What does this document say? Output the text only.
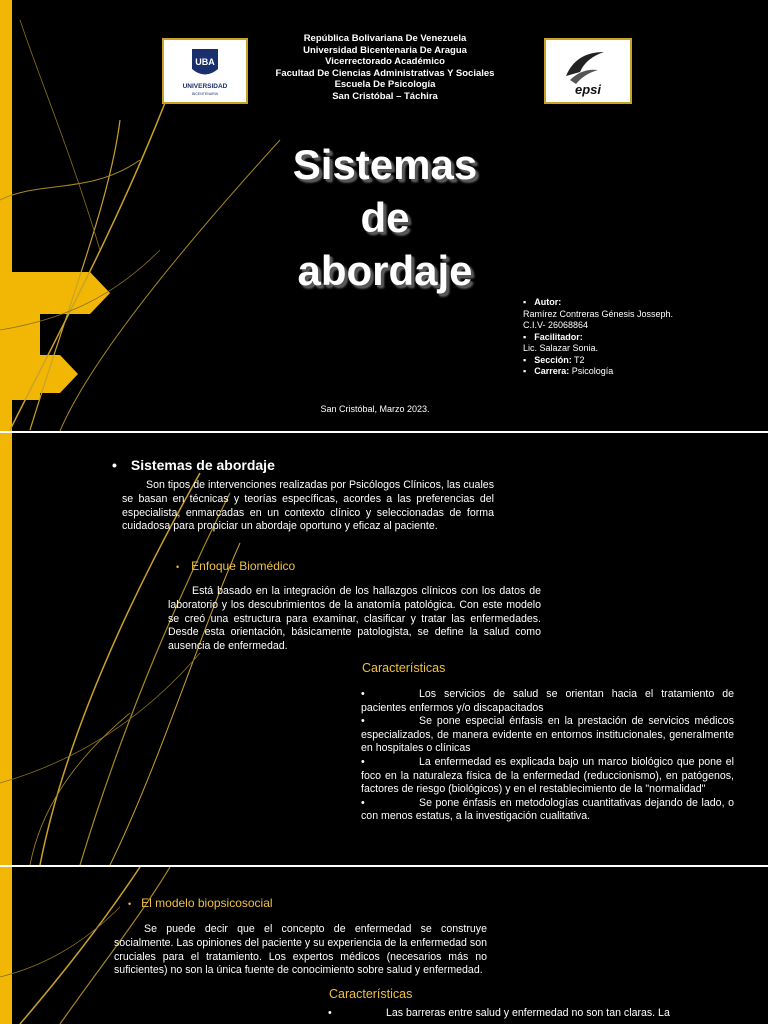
UBA
UNIVERSIDAD
BICENTENARIA	epsi
República Bolivariana De Venezuela
Universidad Bicentenaria De Aragua
Vicerrectorado Académico
Facultad De Ciencias Administrativas Y Sociales
Escuela De Psicología
San Cristóbal – Táchira
Sistemas
de
abordaje
▪ Autor:
Ramírez Contreras Génesis Josseph.
C.I.V- 26068864
▪ Facilitador:
Lic. Salazar Sonia.
▪ Sección: T2
▪ Carrera: Psicología
San Cristóbal, Marzo 2023.
• Sistemas de abordaje
Son tipos de intervenciones realizadas por Psicólogos Clínicos, las cuales se basan en técnicas y teorías específicas, acordes a las preferencias del especialista, enmarcadas en un contexto clínico y seleccionadas de forma cuidadosa para propiciar un abordaje oportuno y eficaz al paciente.
• Enfoque Biomédico
Está basado en la integración de los hallazgos clínicos con los datos de laboratorio y los descubrimientos de la anatomía patológica. Con este modelo se creó una estructura para examinar, clasificar y tratar las enfermedades. Desde esta orientación, básicamente patologista, se define la salud como ausencia de enfermedad.
Características
•	Los servicios de salud se orientan hacia el tratamiento de pacientes enfermos y/o discapacitados
•	Se pone especial énfasis en la prestación de servicios médicos especializados, de manera evidente en entornos institucionales, generalmente en hospitales o clínicas
•	La enfermedad es explicada bajo un marco biológico que pone el foco en la naturaleza física de la enfermedad (reduccionismo), en patógenos, factores de riesgo (biológicos) y en el restablecimiento de la "normalidad"
•	Se pone énfasis en metodologías cuantitativas dejando de lado, o con menos estatus, a la investigación cualitativa.
• El modelo biopsicosocial
Se puede decir que el concepto de enfermedad se construye socialmente. Las opiniones del paciente y su experiencia de la enfermedad son cruciales para el tratamiento. Los expertos médicos (necesarios más no suficientes) no son la única fuente de conocimiento sobre salud y enfermedad.
Características
•	Las barreras entre salud y enfermedad no son tan claras. La
